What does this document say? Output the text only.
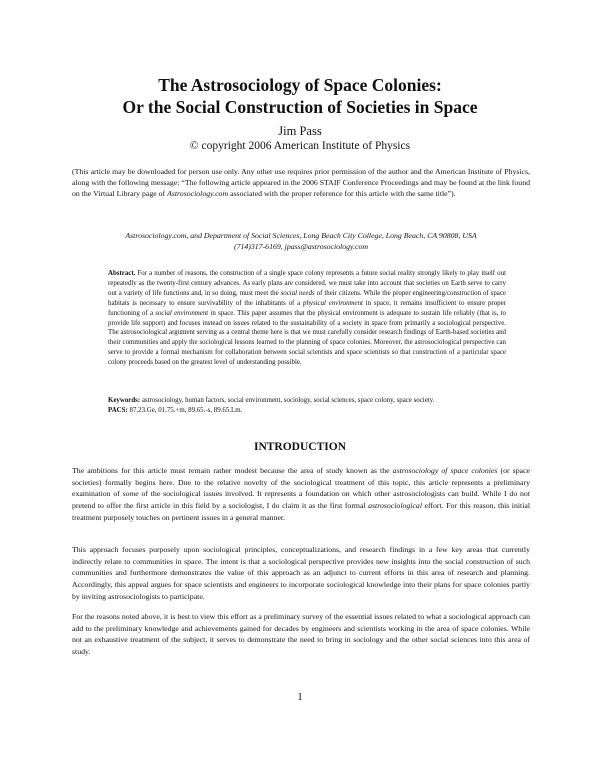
The Astrosociology of Space Colonies:
Or the Social Construction of Societies in Space
Jim Pass
© copyright 2006 American Institute of Physics
(This article may be downloaded for person use only. Any other use requires prior permission of the author and the American Institute of Physics, along with the following message: “The following article appeared in the 2006 STAIF Conference Proceedings and may be found at the link found on the Virtual Library page of Astrosociology.com associated with the proper reference for this article with the same title”).
Astrosociology.com, and Department of Social Sciences, Long Beach City College, Long Beach, CA 90808, USA
(714)317-6169, jpass@astrosociology.com
Abstract. For a number of reasons, the construction of a single space colony represents a future social reality strongly likely to play itself out repeatedly as the twenty-first century advances. As early plans are considered, we must take into account that societies on Earth serve to carry out a variety of life functions and, in so doing, must meet the social needs of their citizens. While the proper engineering/construction of space habitats is necessary to ensure survivability of the inhabitants of a physical environment in space, it remains insufficient to ensure proper functioning of a social environment in space. This paper assumes that the physical environment is adequate to sustain life reliably (that is, to provide life support) and focuses instead on issues related to the sustainability of a society in space from primarily a sociological perspective. The astrosociological argument serving as a central theme here is that we must carefully consider research findings of Earth-based societies and their communities and apply the sociological lessons learned to the planning of space colonies. Moreover, the astrosociological perspective can serve to provide a formal mechanism for collaboration between social scientists and space scientists so that construction of a particular space colony proceeds based on the greatest level of understanding possible.
Keywords: astrosociology, human factors, social environment, sociology, social sciences, space colony, space society.
PACS: 87.23.Ge, 01.75.+m, 89.65.-s, 89.65.Lm.
INTRODUCTION
The ambitions for this article must remain rather modest because the area of study known as the astrosociology of space colonies (or space societies) formally begins here. Due to the relative novelty of the sociological treatment of this topic, this article represents a preliminary examination of some of the sociological issues involved. It represents a foundation on which other astrosociologists can build. While I do not pretend to offer the first article in this field by a sociologist, I do claim it as the first formal astrosociological effort. For this reason, this initial treatment purposely touches on pertinent issues in a general manner.
This approach focuses purposely upon sociological principles, conceptualizations, and research findings in a few key areas that currently indirectly relate to communities in space. The intent is that a sociological perspective provides new insights into the social construction of such communities and furthermore demonstrates the value of this approach as an adjunct to current efforts in this area of research and planning. Accordingly, this appeal argues for space scientists and engineers to incorporate sociological knowledge into their plans for space colonies partly by inviting astrosociologists to participate.
For the reasons noted above, it is best to view this effort as a preliminary survey of the essential issues related to what a sociological approach can add to the preliminary knowledge and achievements gained for decades by engineers and scientists working in the area of space colonies. While not an exhaustive treatment of the subject, it serves to demonstrate the need to bring in sociology and the other social sciences into this area of study.
1
